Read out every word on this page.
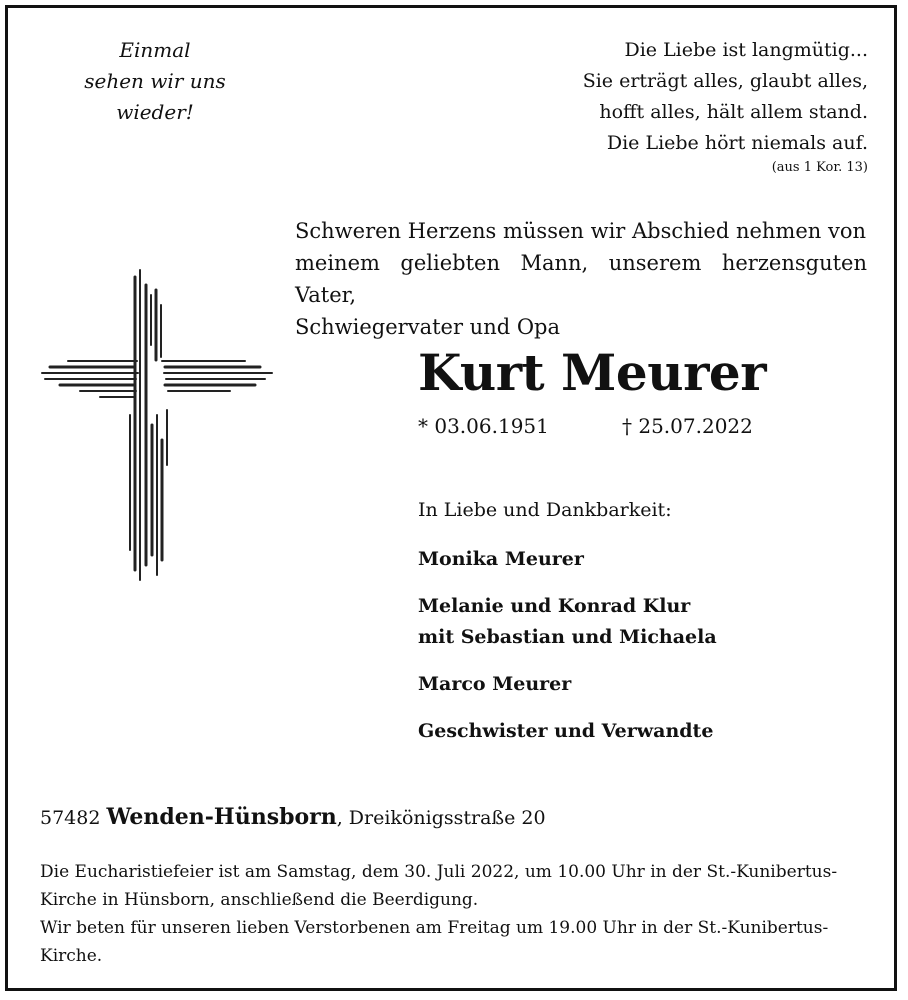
Einmal
sehen wir uns
wieder!
Die Liebe ist langmütig...
Sie erträgt alles, glaubt alles,
hofft alles, hält allem stand.
Die Liebe hört niemals auf.
(aus 1 Kor. 13)
Schweren Herzens müssen wir Abschied nehmen von
meinem geliebten Mann, unserem herzensguten Vater,
Schwiegervater und Opa
Kurt Meurer
* 03.06.1951	† 25.07.2022
In Liebe und Dankbarkeit:
Monika Meurer
Melanie und Konrad Klur
mit Sebastian und Michaela
Marco Meurer
Geschwister und Verwandte
57482 Wenden-Hünsborn, Dreikönigsstraße 20
Die Eucharistiefeier ist am Samstag, dem 30. Juli 2022, um 10.00 Uhr in der St.-Kunibertus-
Kirche in Hünsborn, anschließend die Beerdigung.
Wir beten für unseren lieben Verstorbenen am Freitag um 19.00 Uhr in der St.-Kunibertus-
Kirche.
